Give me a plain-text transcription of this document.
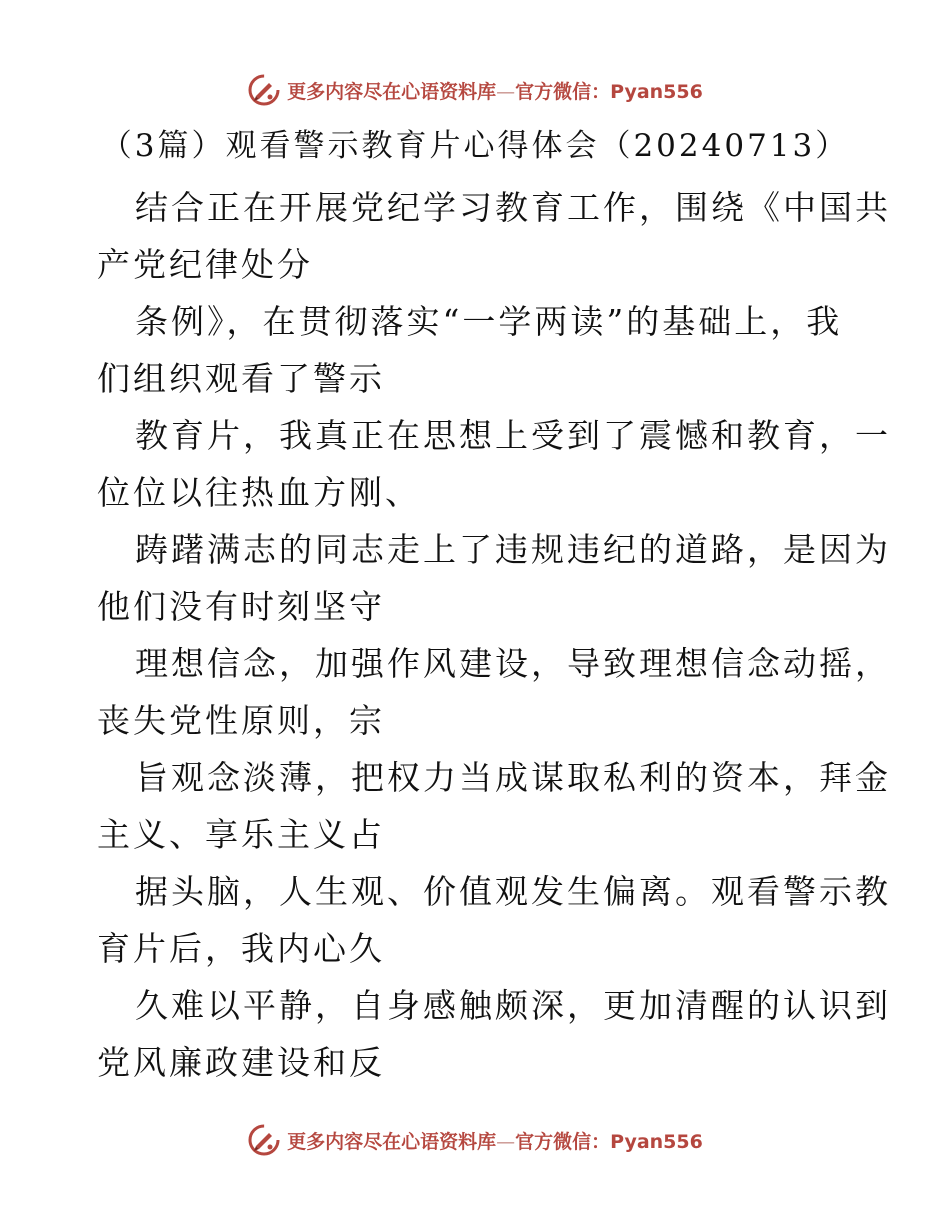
更多内容尽在心语资料库—官方微信：Pyan556
（3篇）观看警示教育片心得体会（20240713）
结合正在开展党纪学习教育工作，围绕《中国共
产党纪律处分
条例》，在贯彻落实“一学两读”的基础上，我
们组织观看了警示
教育片，我真正在思想上受到了震憾和教育，一
位位以往热血方刚、
踌躇满志的同志走上了违规违纪的道路，是因为
他们没有时刻坚守
理想信念，加强作风建设，导致理想信念动摇，
丧失党性原则，宗
旨观念淡薄，把权力当成谋取私利的资本，拜金
主义、享乐主义占
据头脑，人生观、价值观发生偏离。观看警示教
育片后，我内心久
久难以平静，自身感触颇深，更加清醒的认识到
党风廉政建设和反
更多内容尽在心语资料库—官方微信：Pyan556
